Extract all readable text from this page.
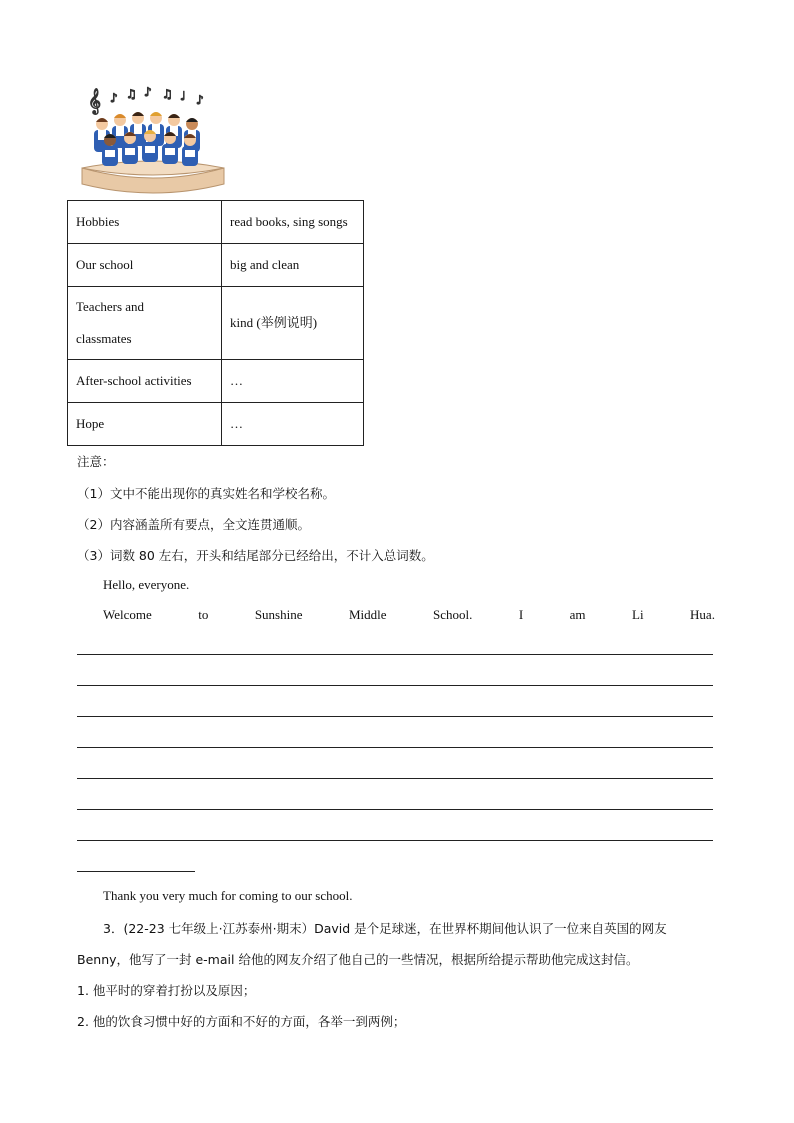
𝄞 ♪ ♫ ♪ ♫ ♩ ♪
Hobbies	read books, sing songs
Our school	big and clean
Teachers and
classmates	kind (举例说明)
After-school activities	…
Hope	…
注意：
（1）文中不能出现你的真实姓名和学校名称。
（2）内容涵盖所有要点，全文连贯通顺。
（3）词数 80 左右，开头和结尾部分已经给出，不计入总词数。
Hello, everyone.
Welcome	to	Sunshine	Middle	School.	I	am	Li	Hua.
Thank you very much for coming to our school.
3．(22-23 七年级上·江苏泰州·期末）David 是个足球迷，在世界杯期间他认识了一位来自英国的网友
Benny，他写了一封 e-mail 给他的网友介绍了他自己的一些情况，根据所给提示帮助他完成这封信。
1. 他平时的穿着打扮以及原因；
2. 他的饮食习惯中好的方面和不好的方面，各举一到两例；
